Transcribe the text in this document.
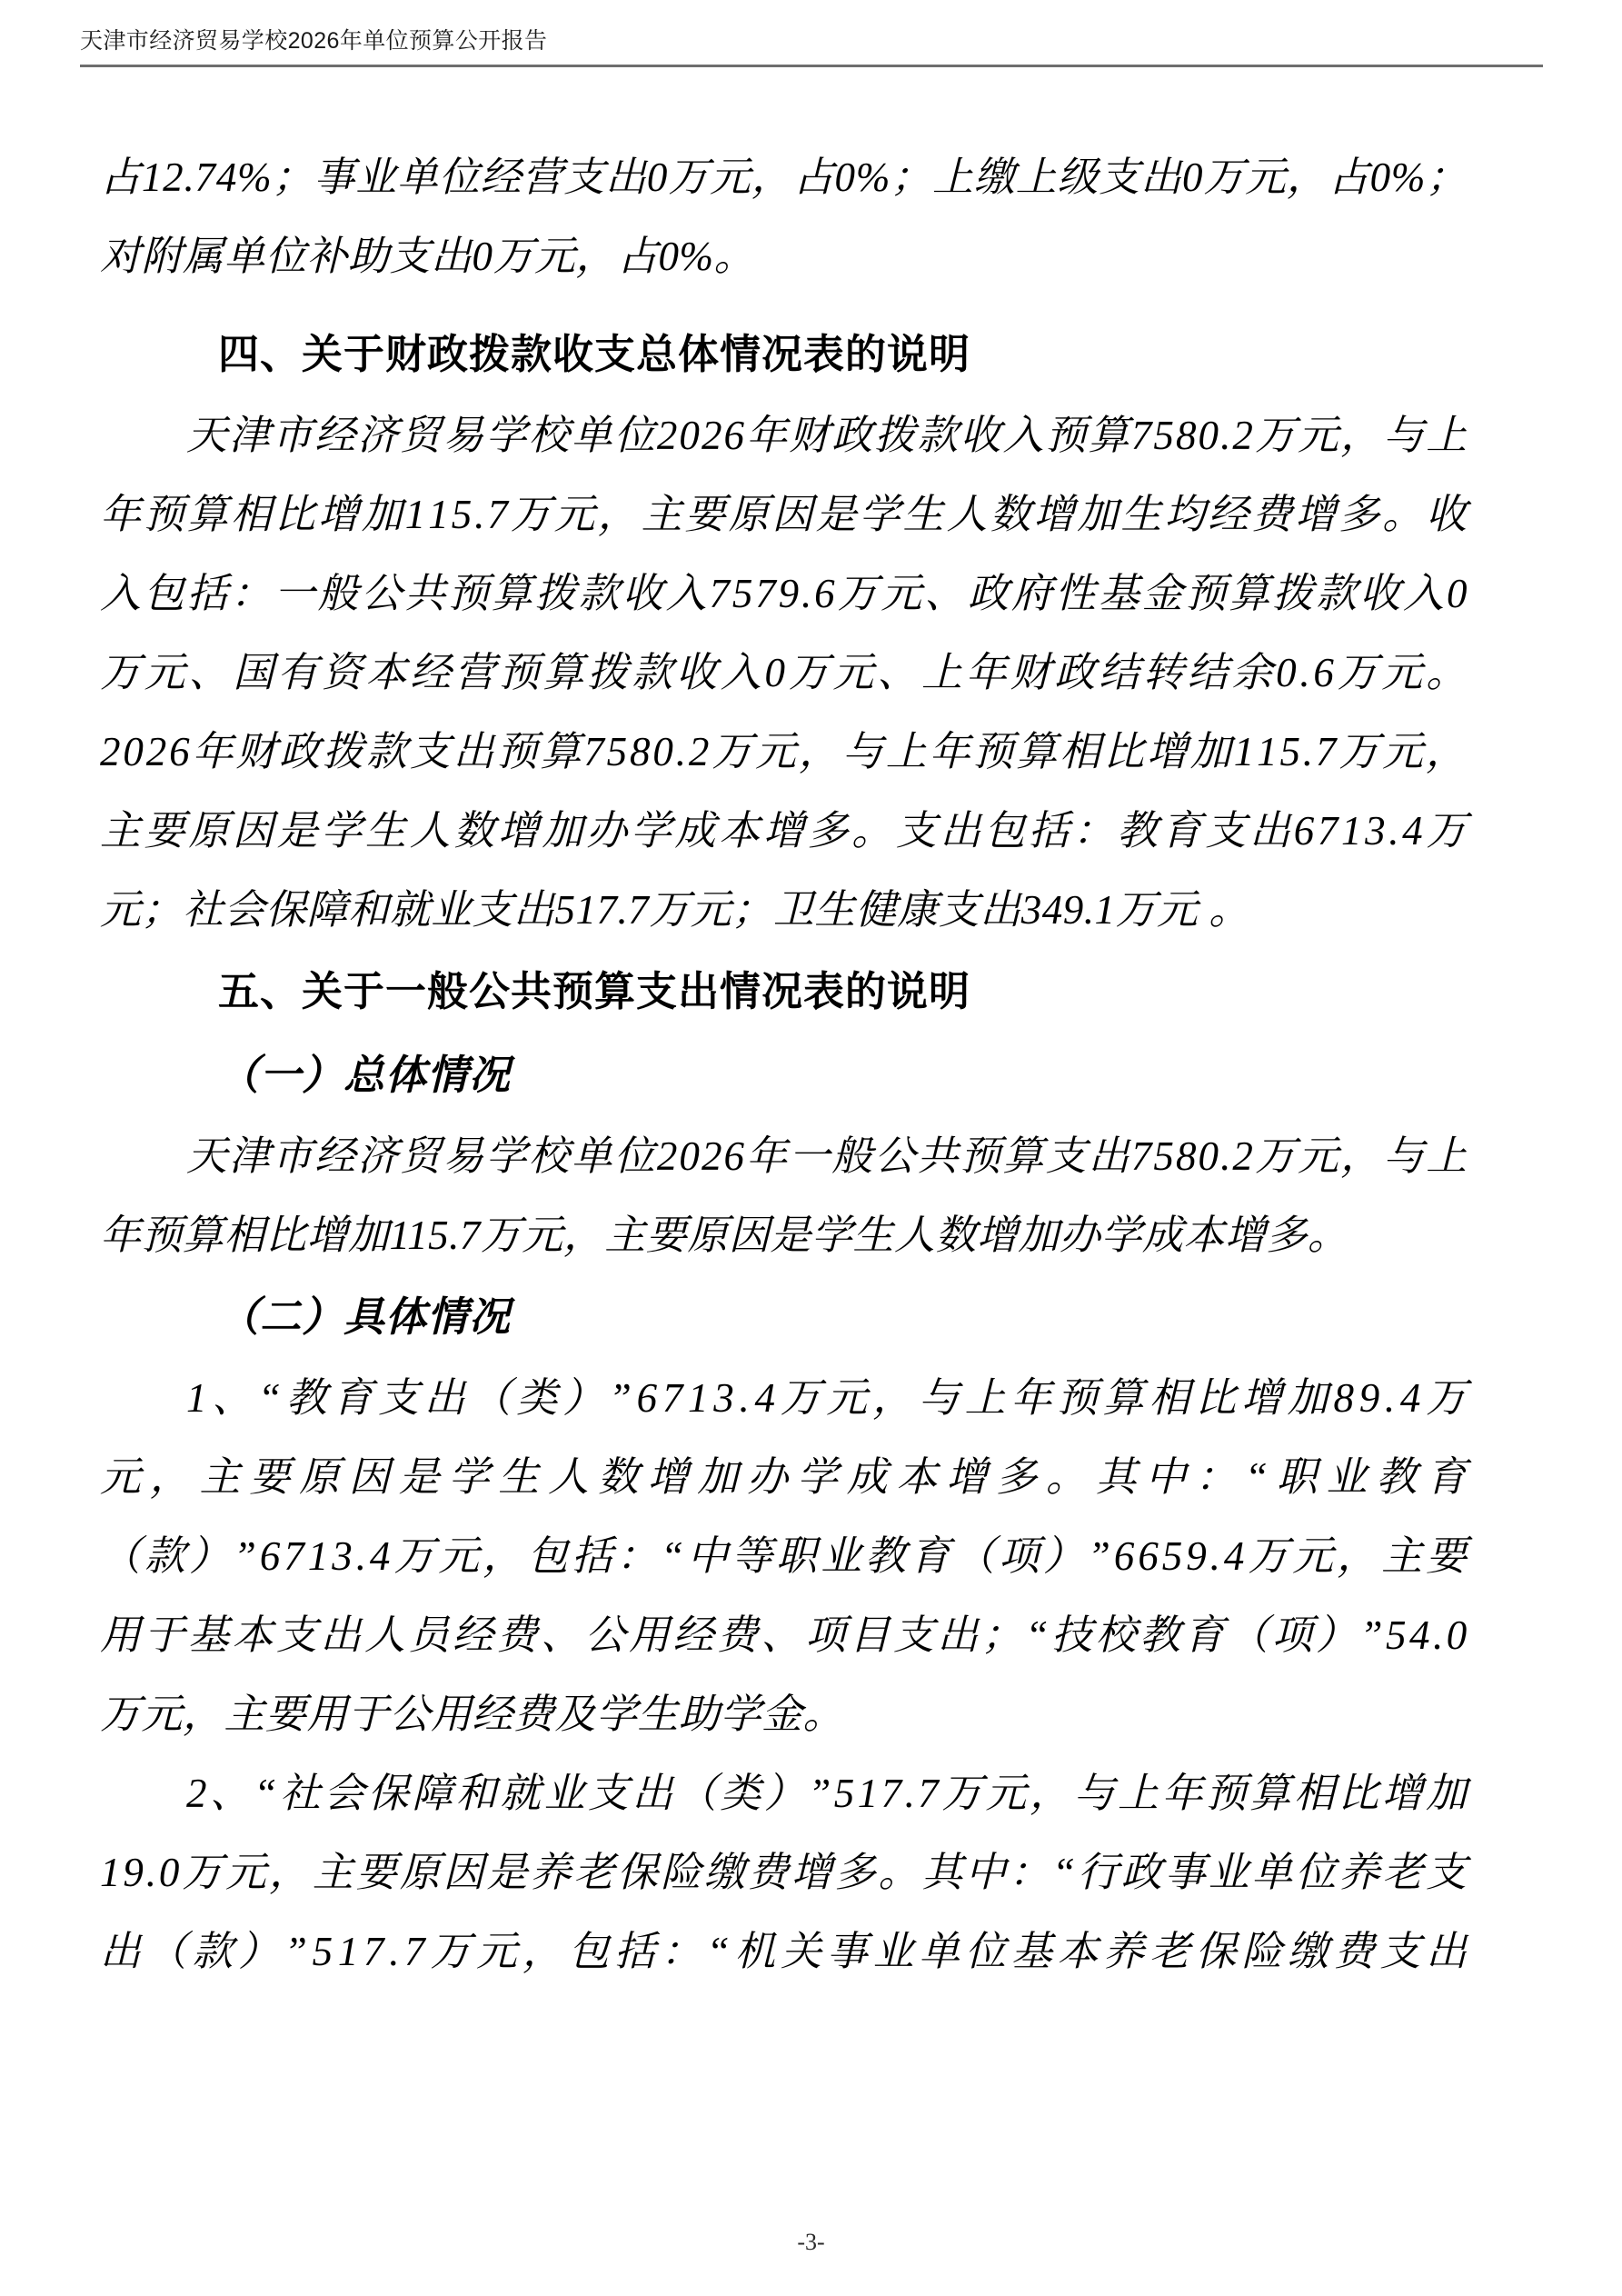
天津市经济贸易学校2026年单位预算公开报告
占 1 2 . 7 4 % ； 事 业 单 位 经 营 支 出 0 万 元 ， 占 0 % ； 上 缴 上 级 支 出 0 万 元 ， 占 0 % ；
对附属单位补助支出0万元，占0%。
四、关于财政拨款收支总体情况表的说明
天 津 市 经 济 贸 易 学 校 单 位 2 0 2 6 年 财 政 拨 款 收 入 预 算 7 5 8 0 . 2 万 元 ， 与 上
年 预 算 相 比 增 加 1 1 5 . 7 万 元 ， 主 要 原 因 是 学 生 人 数 增 加 生 均 经 费 增 多 。 收
入 包 括 ： 一 般 公 共 预 算 拨 款 收 入 7 5 7 9 . 6 万 元 、 政 府 性 基 金 预 算 拨 款 收 入 0
万 元 、 国 有 资 本 经 营 预 算 拨 款 收 入 0 万 元 、 上 年 财 政 结 转 结 余 0 . 6 万 元 。
2 0 2 6 年 财 政 拨 款 支 出 预 算 7 5 8 0 . 2 万 元 ， 与 上 年 预 算 相 比 增 加 1 1 5 . 7 万 元 ，
主 要 原 因 是 学 生 人 数 增 加 办 学 成 本 增 多 。 支 出 包 括 ： 教 育 支 出 6 7 1 3 . 4 万
元；社会保障和就业支出517.7万元；卫生健康支出349.1万元 。
五、关于一般公共预算支出情况表的说明
（一）总体情况
天 津 市 经 济 贸 易 学 校 单 位 2 0 2 6 年 一 般 公 共 预 算 支 出 7 5 8 0 . 2 万 元 ， 与 上
年预算相比增加115.7万元，主要原因是学生人数增加办学成本增多。
（二）具体情况
1 、 “ 教 育 支 出 （ 类 ） ” 6 7 1 3 . 4 万 元 ， 与 上 年 预 算 相 比 增 加 8 9 . 4 万
元 ， 主 要 原 因 是 学 生 人 数 增 加 办 学 成 本 增 多 。 其 中 ： “ 职 业 教 育
（ 款 ） ” 6 7 1 3 . 4 万 元 ， 包 括 ： “ 中 等 职 业 教 育 （ 项 ） ” 6 6 5 9 . 4 万 元 ， 主 要
用 于 基 本 支 出 人 员 经 费 、 公 用 经 费 、 项 目 支 出 ； “ 技 校 教 育 （ 项 ） ” 5 4 . 0
万元，主要用于公用经费及学生助学金。
2 、 “ 社 会 保 障 和 就 业 支 出 （ 类 ） ” 5 1 7 . 7 万 元 ， 与 上 年 预 算 相 比 增 加
1 9 . 0 万 元 ， 主 要 原 因 是 养 老 保 险 缴 费 增 多 。 其 中 ： “ 行 政 事 业 单 位 养 老 支
出 （ 款 ） ” 5 1 7 . 7 万 元 ， 包 括 ： “ 机 关 事 业 单 位 基 本 养 老 保 险 缴 费 支 出
-3-
